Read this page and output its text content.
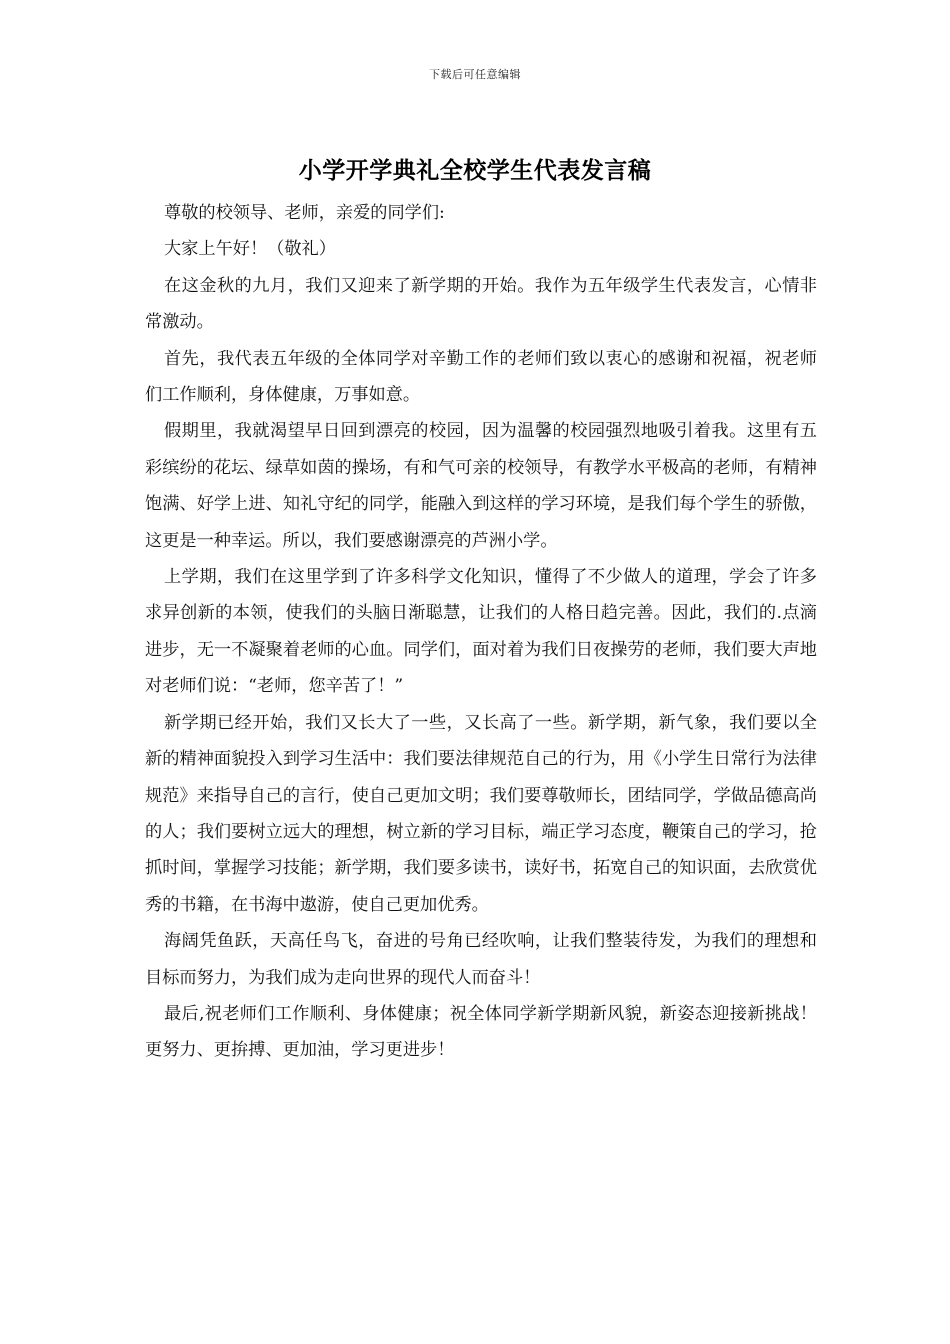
下载后可任意编辑
小学开学典礼全校学生代表发言稿

尊敬的校领导、老师，亲爱的同学们:

大家上午好！（敬礼）

在这金秋的九月，我们又迎来了新学期的开始。我作为五年级学生代表发言，心情非常激动。

首先，我代表五年级的全体同学对辛勤工作的老师们致以衷心的感谢和祝福，祝老师们工作顺利，身体健康，万事如意。

假期里，我就渴望早日回到漂亮的校园，因为温馨的校园强烈地吸引着我。这里有五彩缤纷的花坛、绿草如茵的操场，有和气可亲的校领导，有教学水平极高的老师，有精神饱满、好学上进、知礼守纪的同学，能融入到这样的学习环境，是我们每个学生的骄傲，这更是一种幸运。所以，我们要感谢漂亮的芦洲小学。

上学期，我们在这里学到了许多科学文化知识，懂得了不少做人的道理，学会了许多求异创新的本领，使我们的头脑日渐聪慧，让我们的人格日趋完善。因此，我们的.点滴进步，无一不凝聚着老师的心血。同学们，面对着为我们日夜操劳的老师，我们要大声地对老师们说：“老师，您辛苦了！”

新学期已经开始，我们又长大了一些，又长高了一些。新学期，新气象，我们要以全新的精神面貌投入到学习生活中：我们要法律规范自己的行为，用《小学生日常行为法律规范》来指导自己的言行，使自己更加文明；我们要尊敬师长，团结同学，学做品德高尚的人；我们要树立远大的理想，树立新的学习目标，端正学习态度，鞭策自己的学习，抢抓时间，掌握学习技能；新学期，我们要多读书，读好书，拓宽自己的知识面，去欣赏优秀的书籍，在书海中遨游，使自己更加优秀。

海阔凭鱼跃，天高任鸟飞，奋进的号角已经吹响，让我们整装待发，为我们的理想和目标而努力，为我们成为走向世界的现代人而奋斗！

最后,祝老师们工作顺利、身体健康；祝全体同学新学期新风貌，新姿态迎接新挑战！更努力、更拚搏、更加油，学习更进步！
